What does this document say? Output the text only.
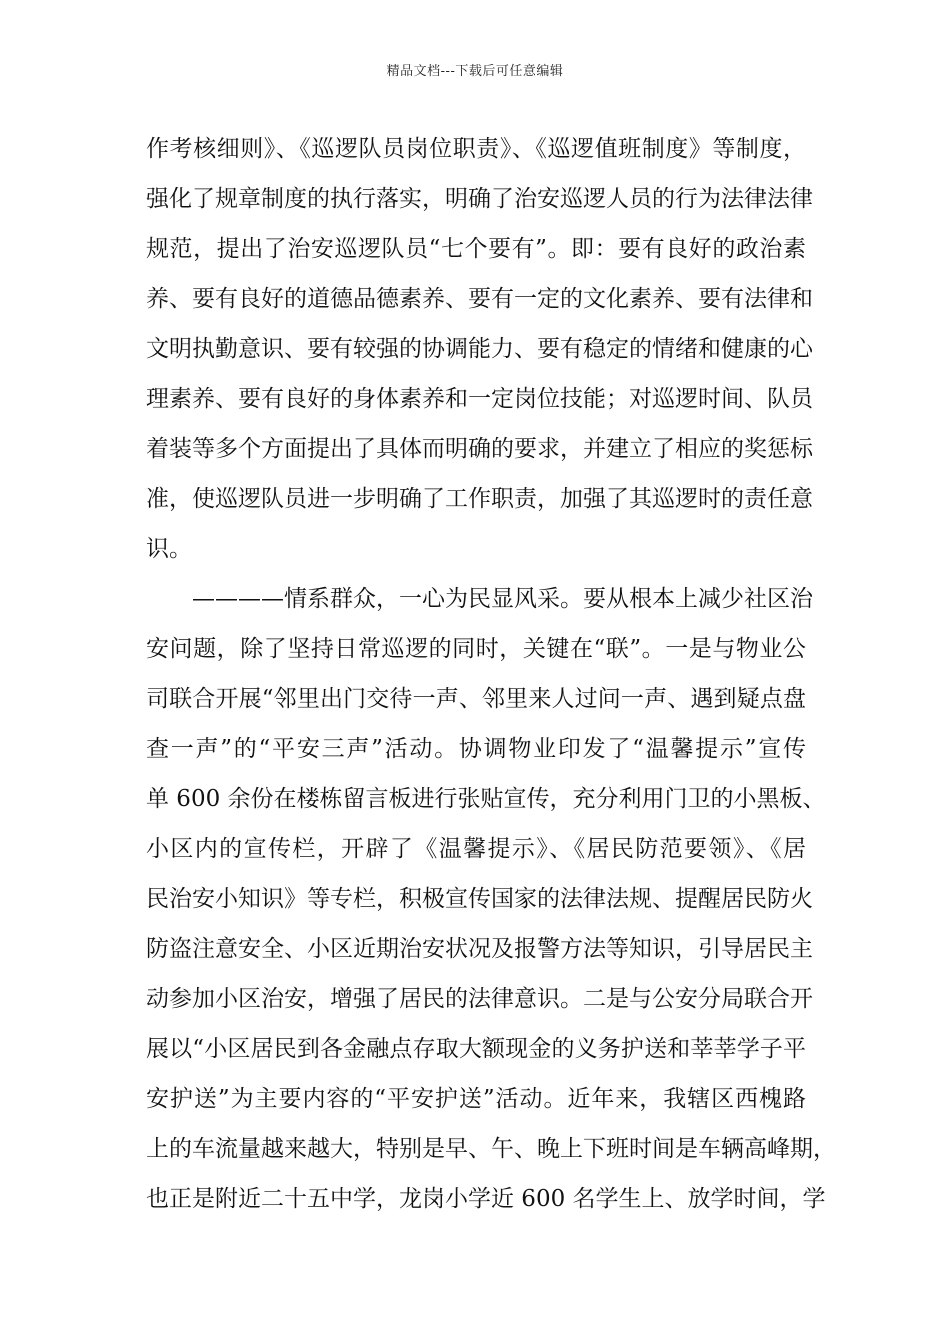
精品文档---下载后可任意编辑
作考核细则》、《巡逻队员岗位职责》、《巡逻值班制度》等制度，
强化了规章制度的执行落实，明确了治安巡逻人员的行为法律法律
规范，提出了治安巡逻队员“七个要有”。即：要有良好的政治素
养、要有良好的道德品德素养、要有一定的文化素养、要有法律和
文明执勤意识、要有较强的协调能力、要有稳定的情绪和健康的心
理素养、要有良好的身体素养和一定岗位技能；对巡逻时间、队员
着装等多个方面提出了具体而明确的要求，并建立了相应的奖惩标
准，使巡逻队员进一步明确了工作职责，加强了其巡逻时的责任意
识。
————情系群众，一心为民显风采。要从根本上减少社区治
安问题，除了坚持日常巡逻的同时，关键在“联”。一是与物业公
司联合开展“邻里出门交待一声、邻里来人过问一声、遇到疑点盘
查一声”的“平安三声”活动。协调物业印发了“温馨提示”宣传
单 600 余份在楼栋留言板进行张贴宣传，充分利用门卫的小黑板、
小区内的宣传栏，开辟了《温馨提示》、《居民防范要领》、《居
民治安小知识》等专栏，积极宣传国家的法律法规、提醒居民防火
防盗注意安全、小区近期治安状况及报警方法等知识，引导居民主
动参加小区治安，增强了居民的法律意识。二是与公安分局联合开
展以“小区居民到各金融点存取大额现金的义务护送和莘莘学子平
安护送”为主要内容的“平安护送”活动。近年来，我辖区西槐路
上的车流量越来越大，特别是早、午、晚上下班时间是车辆高峰期，
也正是附近二十五中学，龙岗小学近 600 名学生上、放学时间，学
